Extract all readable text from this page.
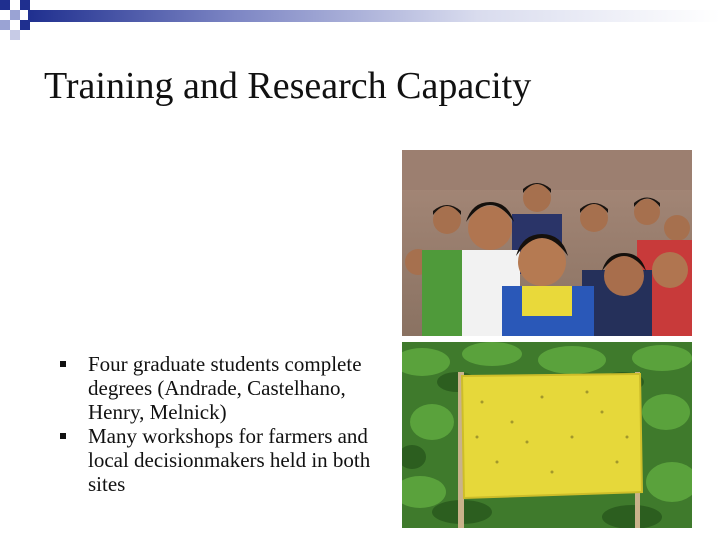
Training and Research Capacity
Four graduate students complete degrees (Andrade, Castelhano, Henry, Melnick)
Many workshops for farmers and local decisionmakers held in both sites
